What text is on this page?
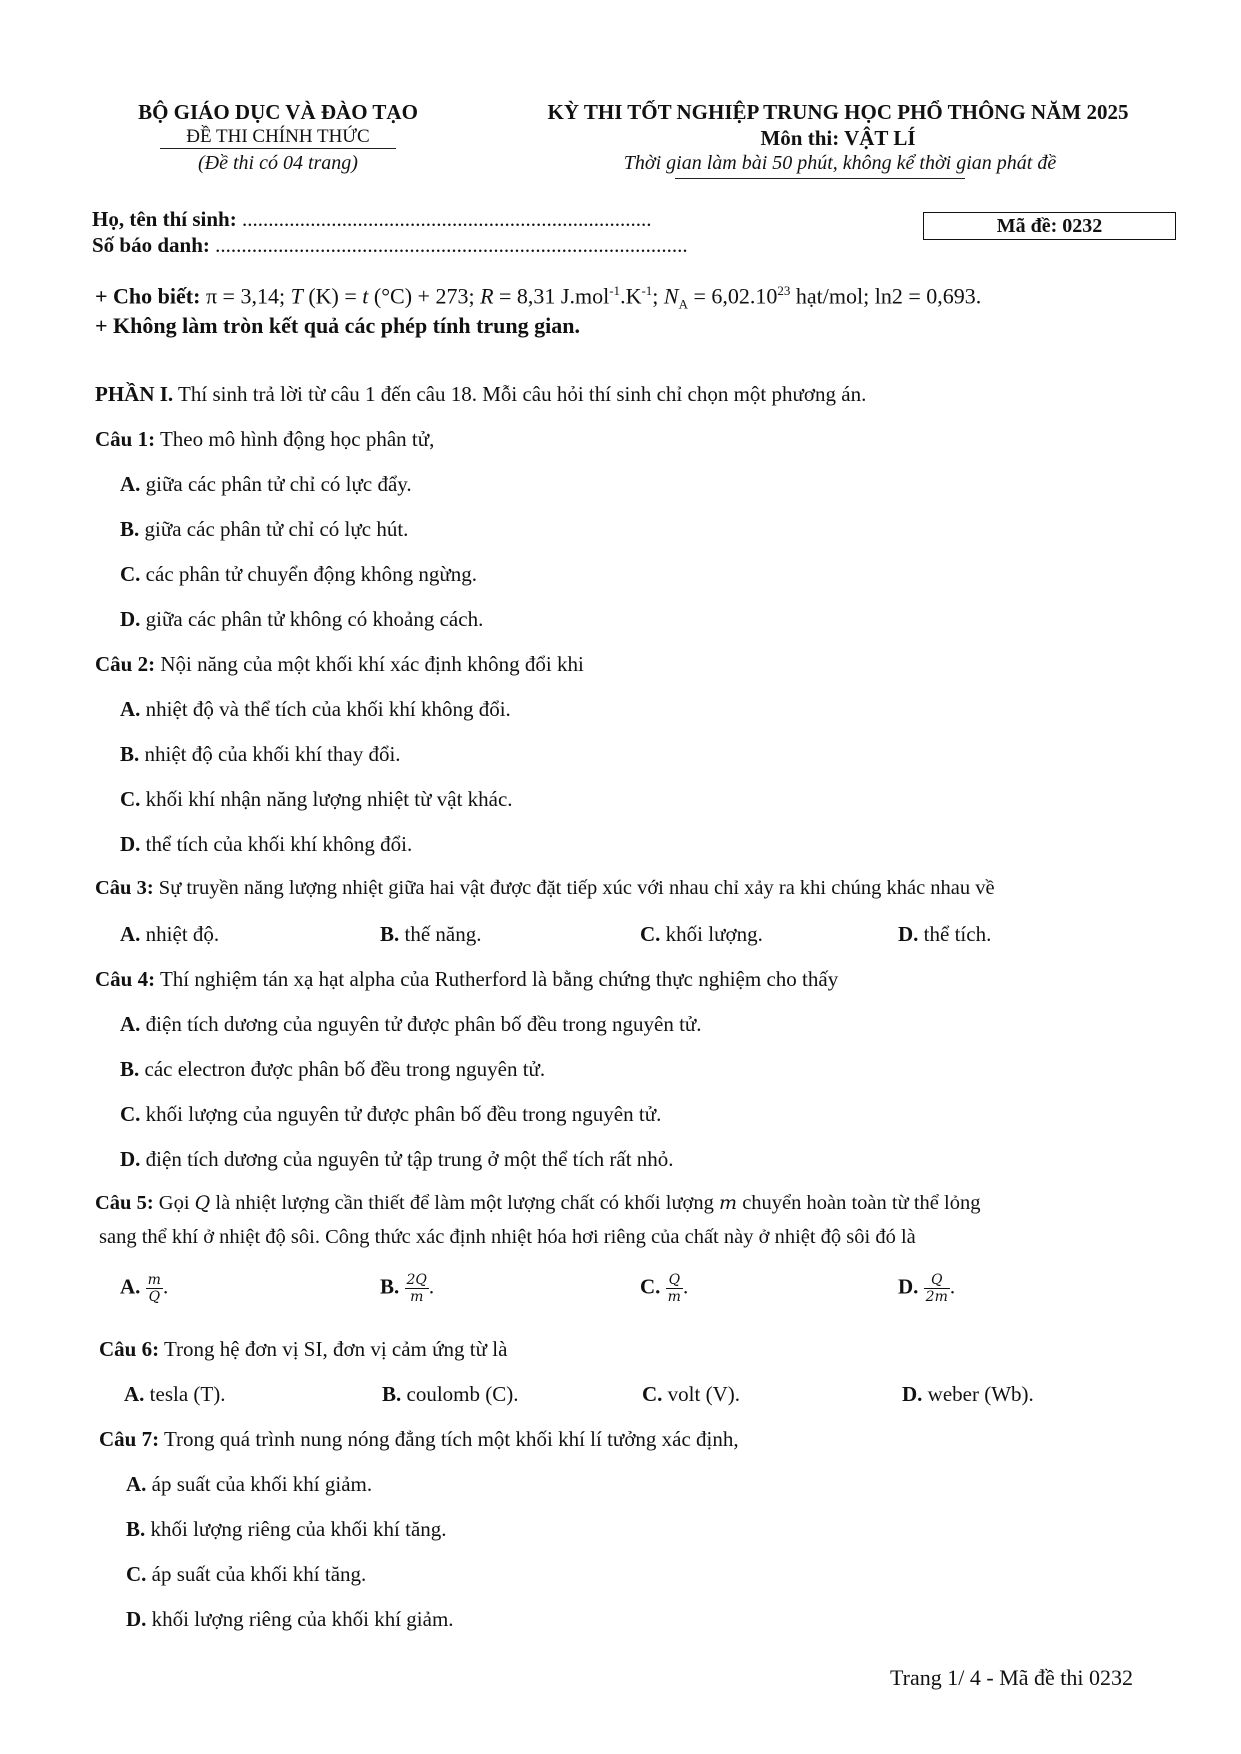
BỘ GIÁO DỤC VÀ ĐÀO TẠO
ĐỀ THI CHÍNH THỨC
(Đề thi có 04 trang)
KỲ THI TỐT NGHIỆP TRUNG HỌC PHỔ THÔNG NĂM 2025
Môn thi: VẬT LÍ
Thời gian làm bài 50 phút, không kể thời gian phát đề
Họ, tên thí sinh: ..............................................................................
Số báo danh: ..........................................................................................
Mã đề: 0232
+ Cho biết: π = 3,14; T (K) = t (°C) + 273; R = 8,31 $J.mol^{-1}.K^{-1}$; $N_A = 6,02.10^{23}$ hạt/mol; ln2 = 0,693.
+ Không làm tròn kết quả các phép tính trung gian.
PHẦN I. Thí sinh trả lời từ câu 1 đến câu 18. Mỗi câu hỏi thí sinh chỉ chọn một phương án.
Câu 1: Theo mô hình động học phân tử,
A. giữa các phân tử chỉ có lực đẩy.
B. giữa các phân tử chỉ có lực hút.
C. các phân tử chuyển động không ngừng.
D. giữa các phân tử không có khoảng cách.
Câu 2: Nội năng của một khối khí xác định không đổi khi
A. nhiệt độ và thể tích của khối khí không đổi.
B. nhiệt độ của khối khí thay đổi.
C. khối khí nhận năng lượng nhiệt từ vật khác.
D. thể tích của khối khí không đổi.
Câu 3: Sự truyền năng lượng nhiệt giữa hai vật được đặt tiếp xúc với nhau chỉ xảy ra khi chúng khác nhau về
A. nhiệt độ.	B. thế năng.	C. khối lượng.	D. thể tích.
Câu 4: Thí nghiệm tán xạ hạt alpha của Rutherford là bằng chứng thực nghiệm cho thấy
A. điện tích dương của nguyên tử được phân bố đều trong nguyên tử.
B. các electron được phân bố đều trong nguyên tử.
C. khối lượng của nguyên tử được phân bố đều trong nguyên tử.
D. điện tích dương của nguyên tử tập trung ở một thể tích rất nhỏ.
Câu 5: Gọi Q là nhiệt lượng cần thiết để làm một lượng chất có khối lượng m chuyển hoàn toàn từ thể lỏng
sang thể khí ở nhiệt độ sôi. Công thức xác định nhiệt hóa hơi riêng của chất này ở nhiệt độ sôi đó là
A. $\frac{m}{Q}$ .	B. $\frac{2Q}{m}$ .	C. $\frac{Q}{m}$ .	D. $\frac{Q}{2m}$ .
Câu 6: Trong hệ đơn vị SI, đơn vị cảm ứng từ là
A. tesla (T).	B. coulomb (C).	C. volt (V).	D. weber (Wb).
Câu 7: Trong quá trình nung nóng đẳng tích một khối khí lí tưởng xác định,
A. áp suất của khối khí giảm.
B. khối lượng riêng của khối khí tăng.
C. áp suất của khối khí tăng.
D. khối lượng riêng của khối khí giảm.
Trang 1/ 4 - Mã đề thi 0232
